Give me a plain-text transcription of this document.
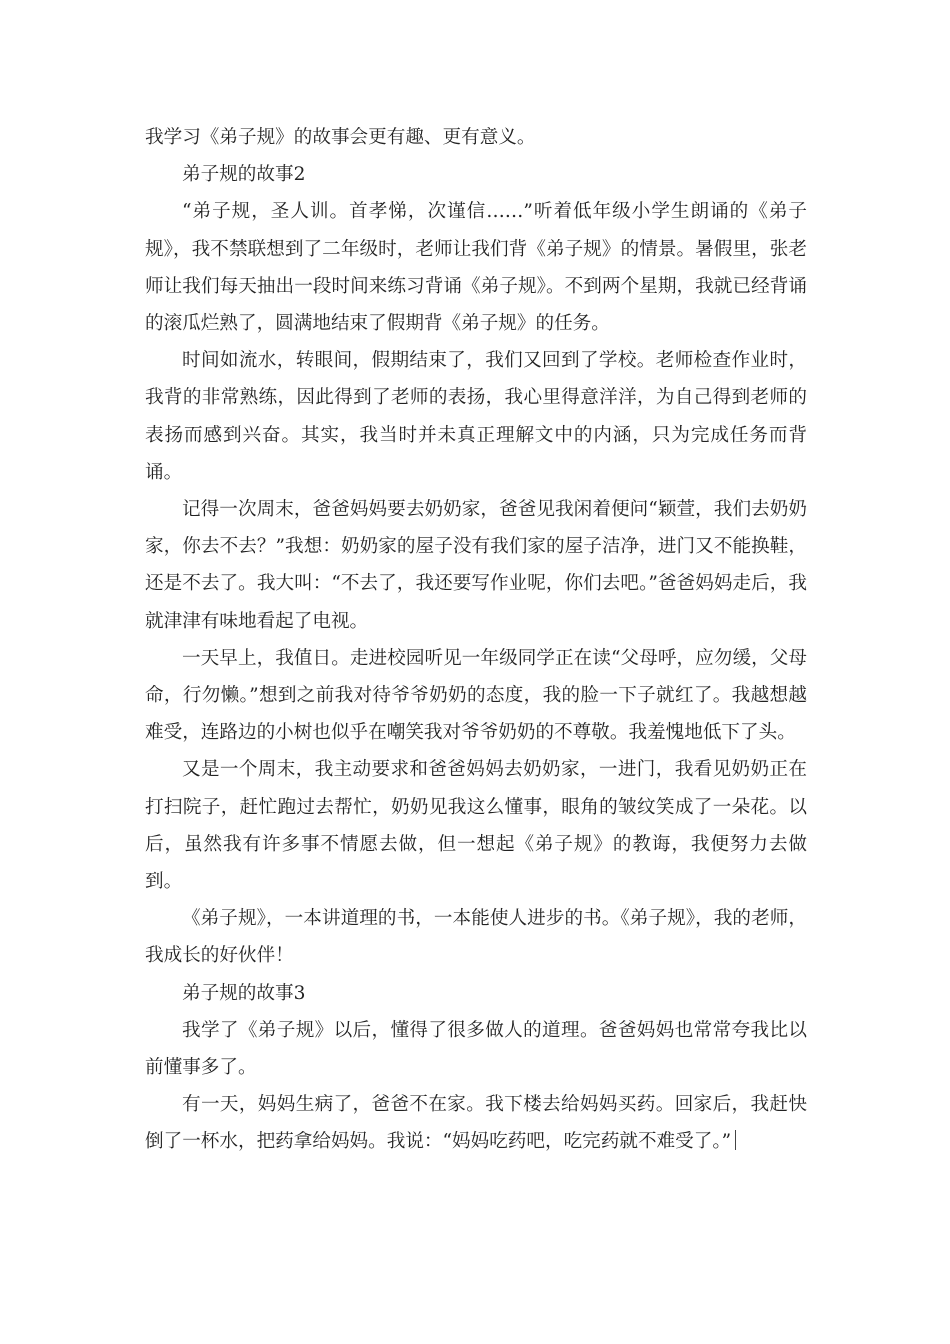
我学习《弟子规》的故事会更有趣、更有意义。

弟子规的故事2

“弟子规，圣人训。首孝悌，次谨信……”听着低年级小学生朗诵的《弟子规》，我不禁联想到了二年级时，老师让我们背《弟子规》的情景。暑假里，张老师让我们每天抽出一段时间来练习背诵《弟子规》。不到两个星期，我就已经背诵的滚瓜烂熟了，圆满地结束了假期背《弟子规》的任务。

时间如流水，转眼间，假期结束了，我们又回到了学校。老师检查作业时，我背的非常熟练，因此得到了老师的表扬，我心里得意洋洋，为自己得到老师的表扬而感到兴奋。其实，我当时并未真正理解文中的内涵，只为完成任务而背诵。

记得一次周末，爸爸妈妈要去奶奶家，爸爸见我闲着便问“颖萱，我们去奶奶家，你去不去？”我想：奶奶家的屋子没有我们家的屋子洁净，进门又不能换鞋，还是不去了。我大叫：“不去了，我还要写作业呢，你们去吧。”爸爸妈妈走后，我就津津有味地看起了电视。

一天早上，我值日。走进校园听见一年级同学正在读“父母呼，应勿缓，父母命，行勿懒。”想到之前我对待爷爷奶奶的态度，我的脸一下子就红了。我越想越难受，连路边的小树也似乎在嘲笑我对爷爷奶奶的不尊敬。我羞愧地低下了头。

又是一个周末，我主动要求和爸爸妈妈去奶奶家，一进门，我看见奶奶正在打扫院子，赶忙跑过去帮忙，奶奶见我这么懂事，眼角的皱纹笑成了一朵花。以后，虽然我有许多事不情愿去做，但一想起《弟子规》的教诲，我便努力去做到。

《弟子规》，一本讲道理的书，一本能使人进步的书。《弟子规》，我的老师，我成长的好伙伴！

弟子规的故事3

我学了《弟子规》以后，懂得了很多做人的道理。爸爸妈妈也常常夸我比以前懂事多了。

有一天，妈妈生病了，爸爸不在家。我下楼去给妈妈买药。回家后，我赶快倒了一杯水，把药拿给妈妈。我说：“妈妈吃药吧，吃完药就不难受了。”
